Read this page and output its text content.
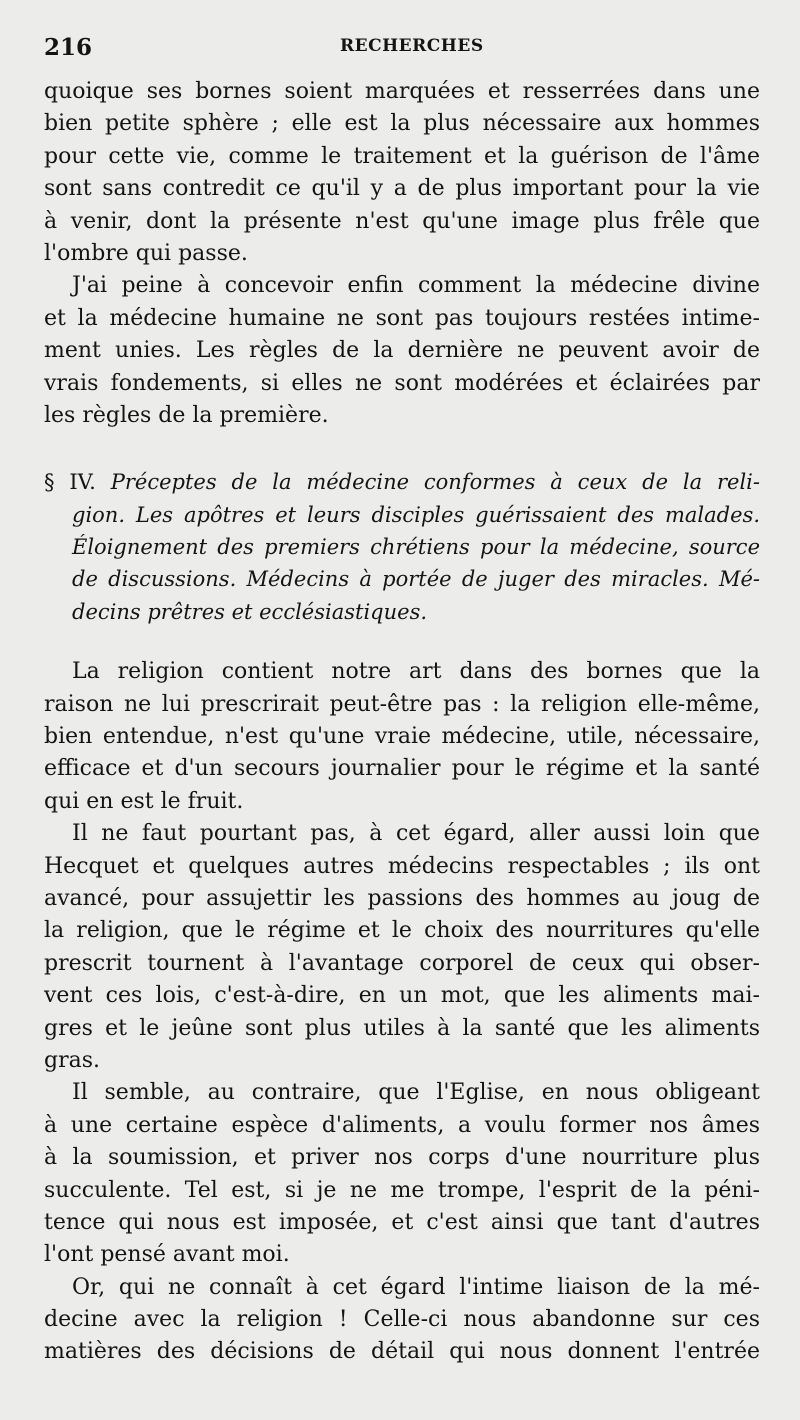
216	RECHERCHES
quoique ses bornes soient marquées et resserrées dans une
bien petite sphère ; elle est la plus nécessaire aux hommes
pour cette vie, comme le traitement et la guérison de l'âme
sont sans contredit ce qu'il y a de plus important pour la vie
à venir, dont la présente n'est qu'une image plus frêle que
l'ombre qui passe.
J'ai peine à concevoir enfin comment la médecine divine
et la médecine humaine ne sont pas toujours restées intime-
ment unies. Les règles de la dernière ne peuvent avoir de
vrais fondements, si elles ne sont modérées et éclairées par
les règles de la première.
§ IV. Préceptes de la médecine conformes à ceux de la reli-
gion. Les apôtres et leurs disciples guérissaient des malades.
Éloignement des premiers chrétiens pour la médecine, source
de discussions. Médecins à portée de juger des miracles. Mé-
decins prêtres et ecclésiastiques.
La religion contient notre art dans des bornes que la
raison ne lui prescrirait peut-être pas : la religion elle-même,
bien entendue, n'est qu'une vraie médecine, utile, nécessaire,
efficace et d'un secours journalier pour le régime et la santé
qui en est le fruit.
Il ne faut pourtant pas, à cet égard, aller aussi loin que
Hecquet et quelques autres médecins respectables ; ils ont
avancé, pour assujettir les passions des hommes au joug de
la religion, que le régime et le choix des nourritures qu'elle
prescrit tournent à l'avantage corporel de ceux qui obser-
vent ces lois, c'est-à-dire, en un mot, que les aliments mai-
gres et le jeûne sont plus utiles à la santé que les aliments
gras.
Il semble, au contraire, que l'Eglise, en nous obligeant
à une certaine espèce d'aliments, a voulu former nos âmes
à la soumission, et priver nos corps d'une nourriture plus
succulente. Tel est, si je ne me trompe, l'esprit de la péni-
tence qui nous est imposée, et c'est ainsi que tant d'autres
l'ont pensé avant moi.
Or, qui ne connaît à cet égard l'intime liaison de la mé-
decine avec la religion ! Celle-ci nous abandonne sur ces
matières des décisions de détail qui nous donnent l'entrée
